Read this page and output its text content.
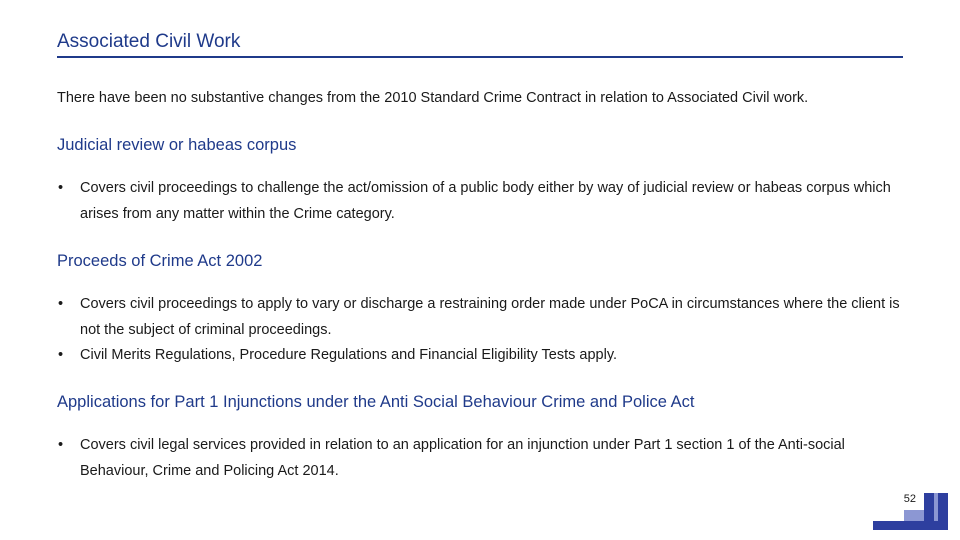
Associated Civil Work

There have been no substantive changes from the 2010 Standard Crime Contract in relation to Associated Civil work.

Judicial review or habeas corpus
•	Covers civil proceedings to challenge the act/omission of a public body either by way of judicial review or habeas corpus which arises from any matter within the Crime category.
Proceeds of Crime Act 2002
•	Covers civil proceedings to apply to vary or discharge a restraining order made under PoCA in circumstances where the client is not the subject of criminal proceedings.
•	Civil Merits Regulations, Procedure Regulations and Financial Eligibility Tests apply.
Applications for Part 1 Injunctions under the Anti Social Behaviour Crime and Police Act
•	Covers civil legal services provided in relation to an application for an injunction under Part 1 section 1 of the Anti-social Behaviour, Crime and Policing Act 2014.
52
